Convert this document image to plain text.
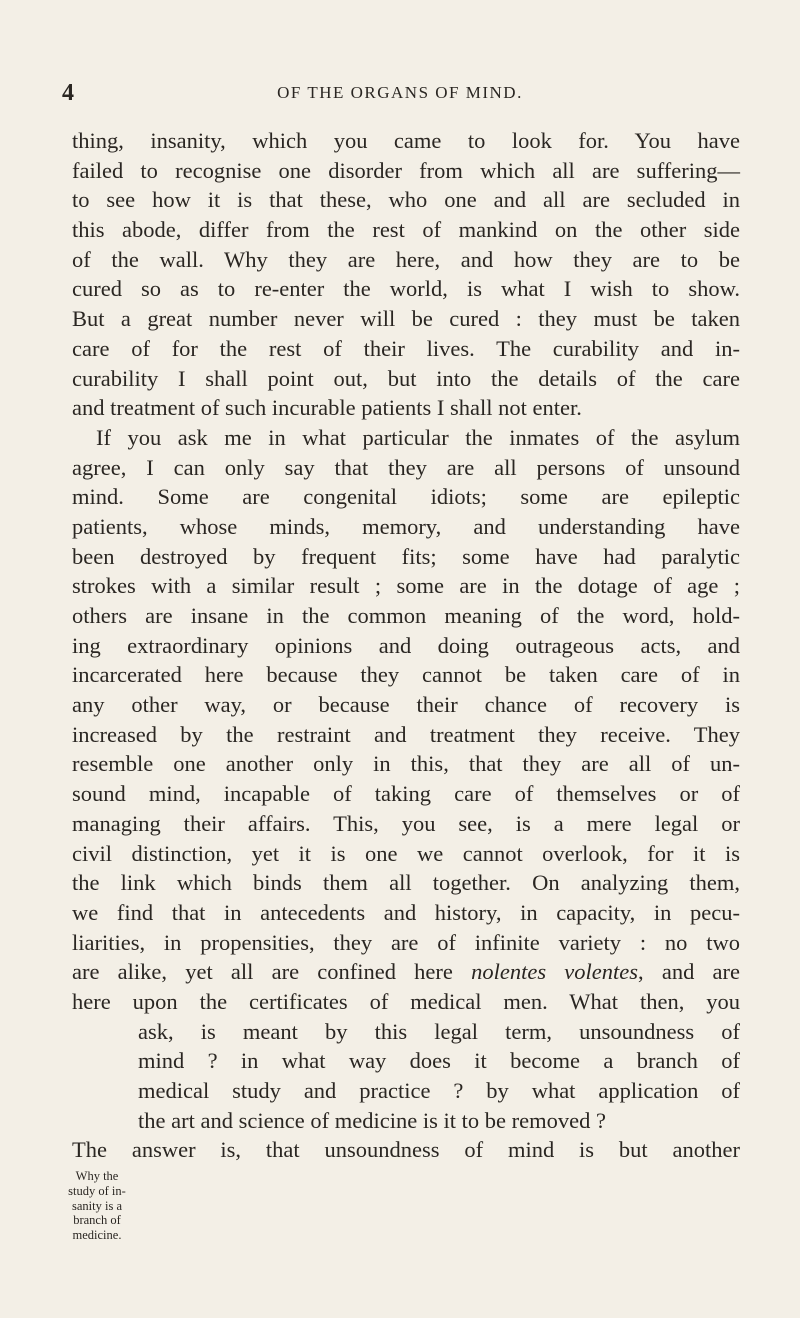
4	OF THE ORGANS OF MIND.
thing, insanity, which you came to look for. You have
failed to recognise one disorder from which all are suffering—
to see how it is that these, who one and all are secluded in
this abode, differ from the rest of mankind on the other side
of the wall. Why they are here, and how they are to be
cured so as to re-enter the world, is what I wish to show.
But a great number never will be cured : they must be taken
care of for the rest of their lives. The curability and in-
curability I shall point out, but into the details of the care
and treatment of such incurable patients I shall not enter.
If you ask me in what particular the inmates of the asylum
agree, I can only say that they are all persons of unsound
mind. Some are congenital idiots; some are epileptic
patients, whose minds, memory, and understanding have
been destroyed by frequent fits; some have had paralytic
strokes with a similar result ; some are in the dotage of age ;
others are insane in the common meaning of the word, hold-
ing extraordinary opinions and doing outrageous acts, and
incarcerated here because they cannot be taken care of in
any other way, or because their chance of recovery is
increased by the restraint and treatment they receive. They
resemble one another only in this, that they are all of un-
sound mind, incapable of taking care of themselves or of
managing their affairs. This, you see, is a mere legal or
civil distinction, yet it is one we cannot overlook, for it is
the link which binds them all together. On analyzing them,
we find that in antecedents and history, in capacity, in pecu-
liarities, in propensities, they are of infinite variety : no two
are alike, yet all are confined here nolentes volentes, and are
here upon the certificates of medical men. What then, you
ask, is meant by this legal term, unsoundness of
mind ? in what way does it become a branch of
medical study and practice ? by what application of
the art and science of medicine is it to be removed ?
The answer is, that unsoundness of mind is but another
Why the
study of in-
sanity is a
branch of
medicine.
